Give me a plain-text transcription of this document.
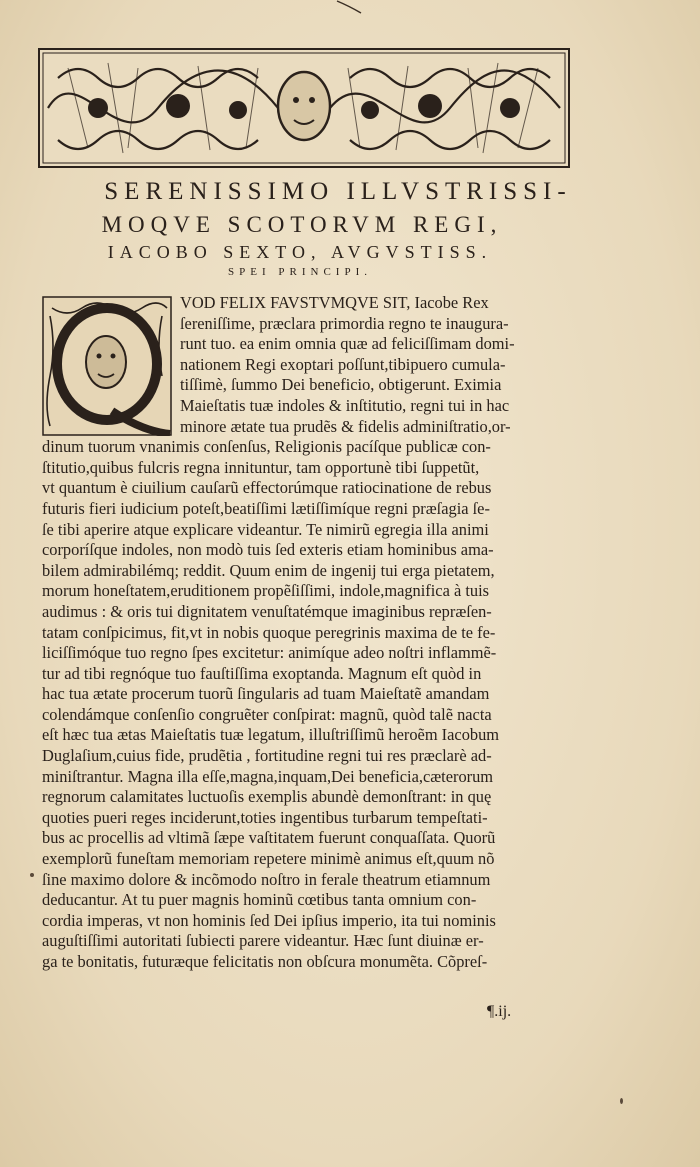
SERENISSIMO ILLVSTRISSI-
MOQVE SCOTORVM REGI,
IACOBO SEXTO, AVGVSTISS.
SPEI PRINCIPI.
VOD FELIX FAVSTVMQVE SIT, Iacobe Rex
ſereniſſime, præclara primordia regno te inaugura-
runt tuo. ea enim omnia quæ ad feliciſſimam domi-
nationem Regi exoptari poſſunt,tibipuero cumula-
tiſſimè, ſummo Dei beneficio, obtigerunt. Eximia
Maieſtatis tuæ indoles & inſtitutio, regni tui in hac
minore ætate tua prudẽs & fidelis adminiſtratio,or-
dinum tuorum vnanimis conſenſus, Religionis pacíſque publicæ con-
ſtitutio,quibus fulcris regna innituntur, tam opportunè tibi ſuppetũt,
vt quantum è ciuilium cauſarũ effectorúmque ratiocinatione de rebus
futuris fieri iudicium poteſt,beatiſſimi lætiſſimíque regni præſagia ſe-
ſe tibi aperire atque explicare videantur. Te nimirũ egregia illa animi
corporíſque indoles, non modò tuis ſed exteris etiam hominibus ama-
bilem admirabilémq; reddit. Quum enim de ingenij tui erga pietatem,
morum honeſtatem,eruditionem propẽſiſſimi, indole,magnifica à tuis
audimus : & oris tui dignitatem venuſtatémque imaginibus repræſen-
tatam conſpicimus, fit,vt in nobis quoque peregrinis maxima de te fe-
liciſſimóque tuo regno ſpes excitetur: animíque adeo noſtri inflammẽ-
tur ad tibi regnóque tuo fauſtiſſima exoptanda. Magnum eſt quòd in
hac tua ætate procerum tuorũ ſingularis ad tuam Maieſtatẽ amandam
colendámque conſenſio congruẽter conſpirat: magnũ, quòd talẽ nacta
eſt hæc tua ætas Maieſtatis tuæ legatum, illuſtriſſimũ heroẽm Iacobum
Duglaſium,cuius fide, prudẽtia , fortitudine regni tui res præclarè ad-
miniſtrantur. Magna illa eſſe,magna,inquam,Dei beneficia,cæterorum
regnorum calamitates luctuoſis exemplis abundè demonſtrant: in quę
quoties pueri reges inciderunt,toties ingentibus turbarum tempeſtati-
bus ac procellis ad vltimã ſæpe vaſtitatem fuerunt conquaſſata. Quorũ
exemplorũ funeſtam memoriam repetere minimè animus eſt,quum nõ
ſine maximo dolore & incõmodo noſtro in ferale theatrum etiamnum
deducantur. At tu puer magnis hominũ cœtibus tanta omnium con-
cordia imperas, vt non hominis ſed Dei ipſius imperio, ita tui nominis
auguſtiſſimi autoritati ſubiecti parere videantur. Hæc ſunt diuinæ er-
ga te bonitatis, futuræque felicitatis non obſcura monumẽta. Cõpreſ-
¶.ij.
